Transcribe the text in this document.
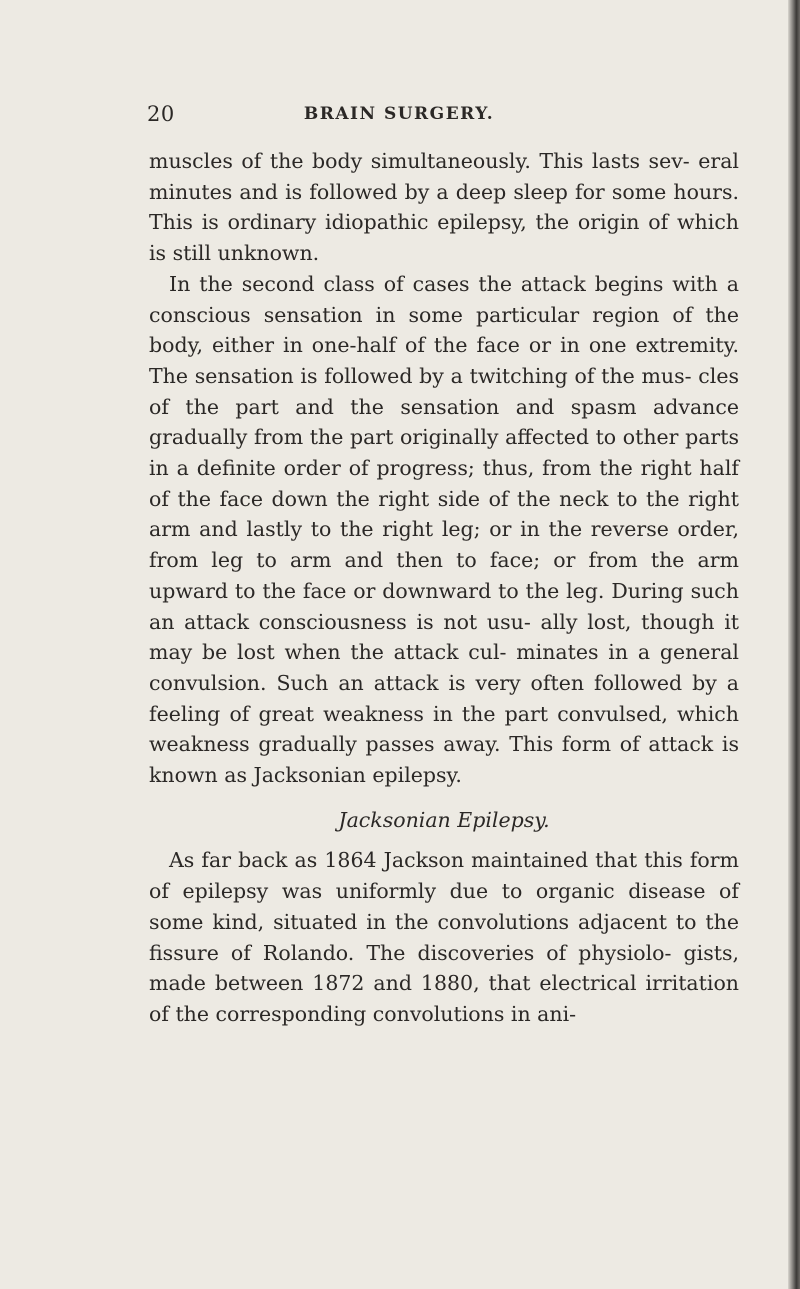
20	BRAIN SURGERY.

muscles of the body simultaneously. This lasts sev- eral minutes and is followed by a deep sleep for some hours. This is ordinary idiopathic epilepsy, the origin of which is still unknown.

In the second class of cases the attack begins with a conscious sensation in some particular region of the body, either in one-half of the face or in one extremity. The sensation is followed by a twitching of the mus- cles of the part and the sensation and spasm advance gradually from the part originally affected to other parts in a definite order of progress; thus, from the right half of the face down the right side of the neck to the right arm and lastly to the right leg; or in the reverse order, from leg to arm and then to face; or from the arm upward to the face or downward to the leg. During such an attack consciousness is not usu- ally lost, though it may be lost when the attack cul- minates in a general convulsion. Such an attack is very often followed by a feeling of great weakness in the part convulsed, which weakness gradually passes away. This form of attack is known as Jacksonian epilepsy.

Jacksonian Epilepsy.

As far back as 1864 Jackson maintained that this form of epilepsy was uniformly due to organic disease of some kind, situated in the convolutions adjacent to the fissure of Rolando. The discoveries of physiolo- gists, made between 1872 and 1880, that electrical irritation of the corresponding convolutions in ani-
